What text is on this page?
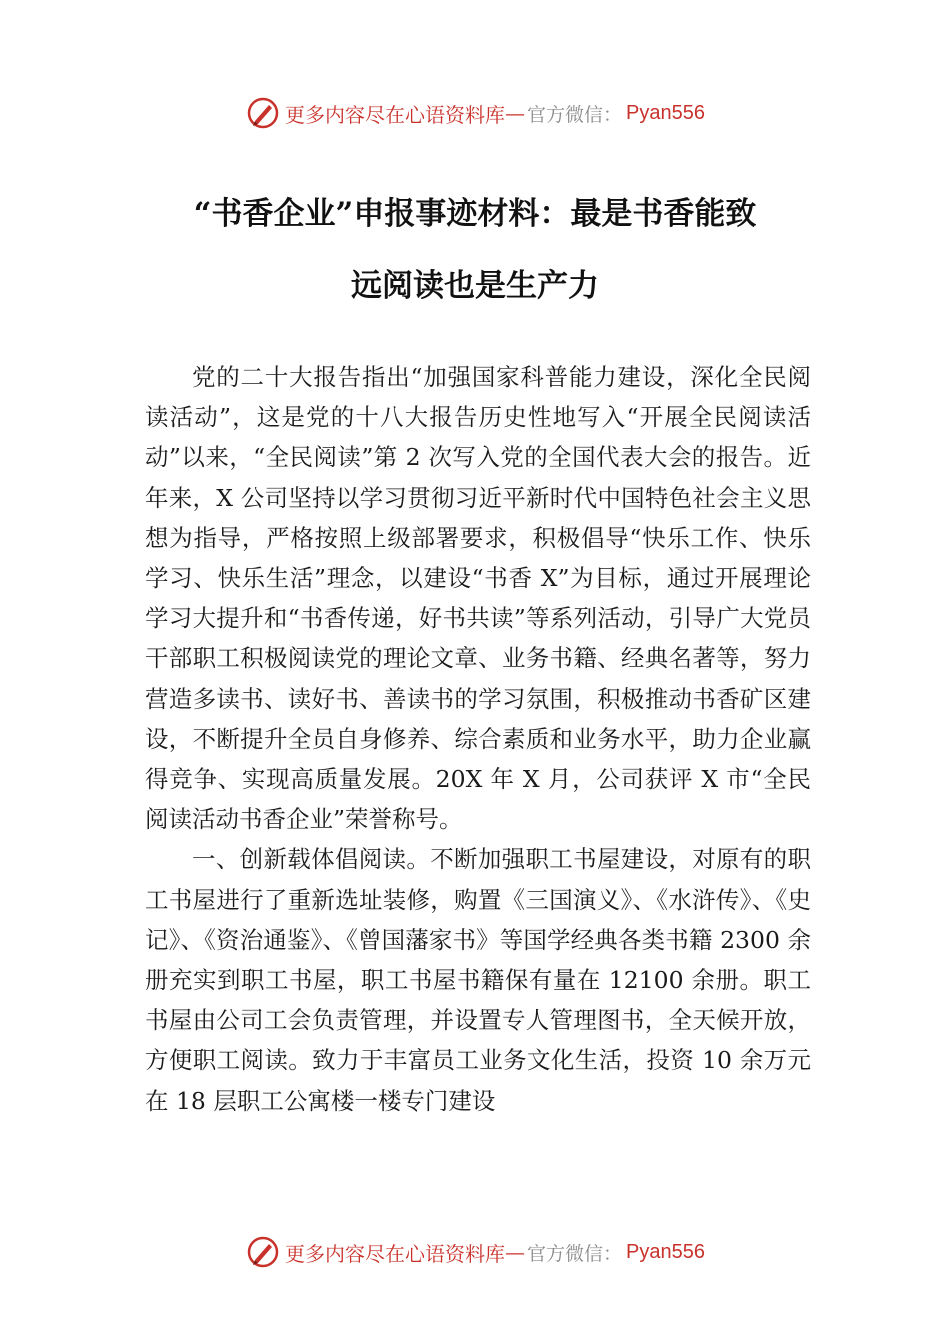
更多内容尽在心语资料库 — 官方微信： Pyan556
“书香企业”申报事迹材料：最是书香能致
远阅读也是生产力

党的二十大报告指出“加强国家科普能力建设，深化全民阅读活动”，这是党的十八大报告历史性地写入“开展全民阅读活动”以来，“全民阅读”第 2 次写入党的全国代表大会的报告。近年来，X 公司坚持以学习贯彻习近平新时代中国特色社会主义思想为指导，严格按照上级部署要求，积极倡导“快乐工作、快乐学习、快乐生活”理念，以建设“书香 X”为目标，通过开展理论学习大提升和“书香传递，好书共读”等系列活动，引导广大党员干部职工积极阅读党的理论文章、业务书籍、经典名著等，努力营造多读书、读好书、善读书的学习氛围，积极推动书香矿区建设，不断提升全员自身修养、综合素质和业务水平，助力企业赢得竞争、实现高质量发展。20X 年 X 月，公司获评 X 市“全民阅读活动书香企业”荣誉称号。

一、创新载体倡阅读。不断加强职工书屋建设，对原有的职工书屋进行了重新选址装修，购置《三国演义》、《水浒传》、《史记》、《资治通鉴》、《曾国藩家书》等国学经典各类书籍 2300 余册充实到职工书屋，职工书屋书籍保有量在 12100 余册。职工书屋由公司工会负责管理，并设置专人管理图书，全天候开放，方便职工阅读。致力于丰富员工业务文化生活，投资 10 余万元在 18 层职工公寓楼一楼专门建设

更多内容尽在心语资料库 — 官方微信： Pyan556
